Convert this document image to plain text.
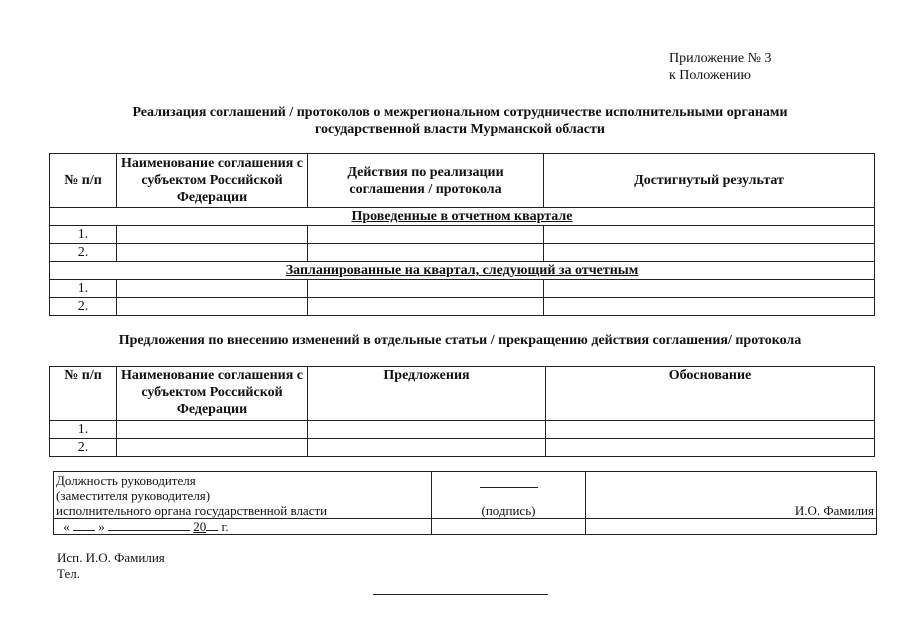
Приложение № 3
к Положению
Реализация соглашений / протоколов о межрегиональном сотрудничестве исполнительными органами
государственной власти Мурманской области
№ п/п	Наименование соглашения с субъектом Российской Федерации	Действия по реализации соглашения / протокола	Достигнутый результат
Проведенные в отчетном квартале			
1.			
2.			
Запланированные на квартал, следующий за отчетным			
1.			
2.			
Предложения по внесению изменений в отдельные статьи / прекращению действия соглашения/ протокола
№ п/п	Наименование соглашения с субъектом Российской Федерации	Предложения	Обоснование
1.			
2.			
Должность руководителя
(заместителя руководителя)
исполнительного органа государственной власти	(подпись)	И.О. Фамилия
« » 20 г.		
Исп. И.О. Фамилия
Тел.
